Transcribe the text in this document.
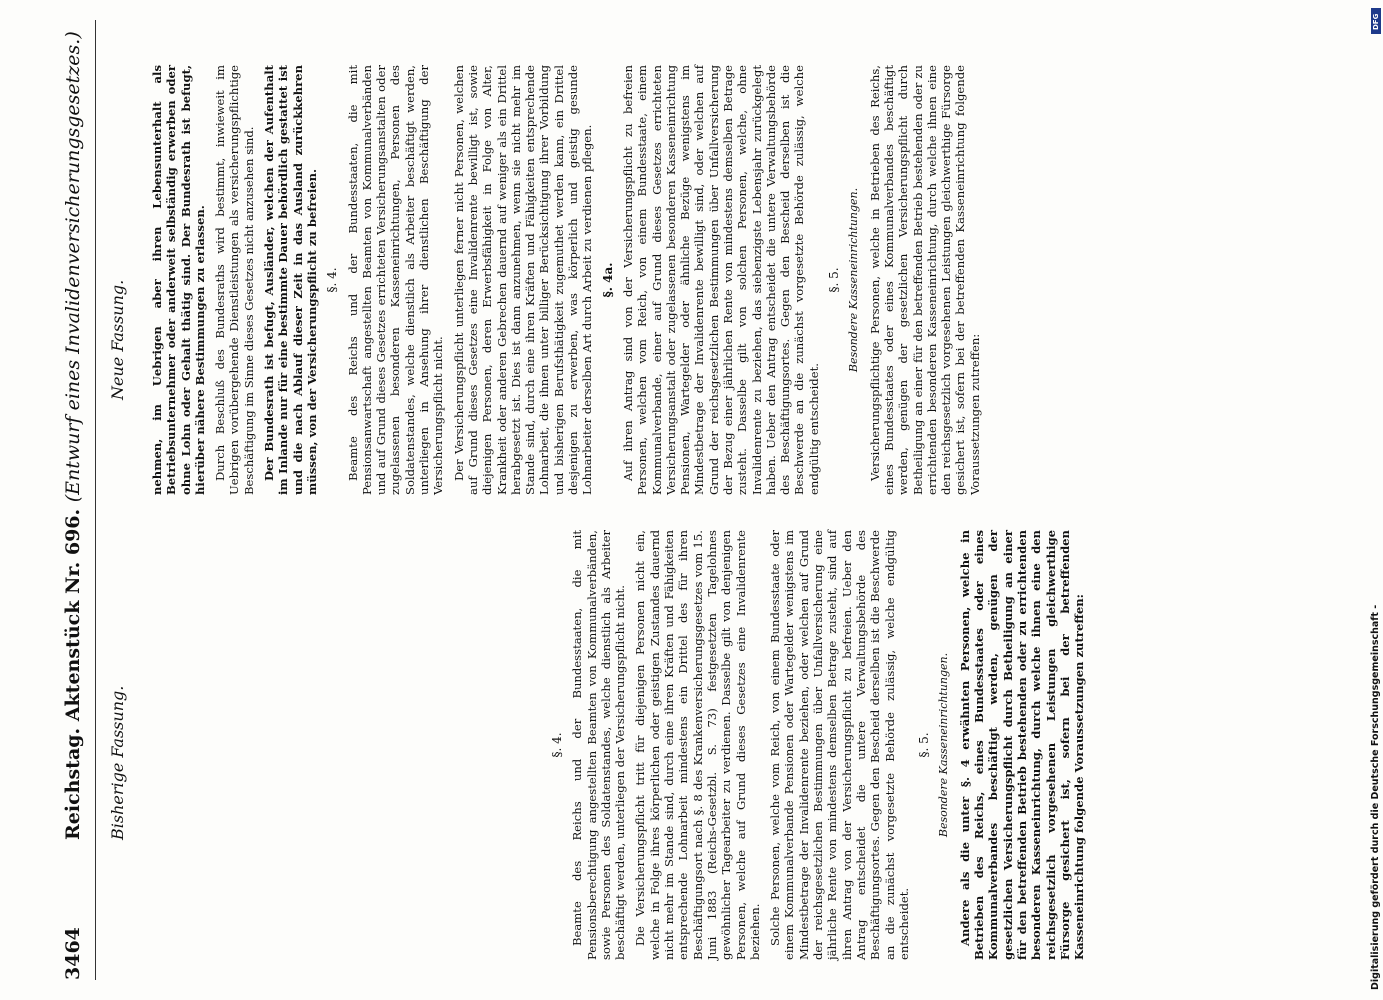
3464
Reichstag. Aktenstück Nr. 696. (Entwurf eines Invalidenversicherungsgesetzes.)
Bisherige Fassung.
Neue Fassung.

§. 4. Beamte des Reichs und der Bundesstaaten, die mit Pensionsberechtigung angestellten Beamten von Kommunalverbänden, sowie Personen des Soldatenstandes, welche dienstlich als Arbeiter beschäftigt werden, unterliegen der Versicherungspflicht nicht. Die Versicherungspflicht tritt für diejenigen Personen nicht ein, welche in Folge ihres körperlichen oder geistigen Zustandes dauernd nicht mehr im Stande sind, durch eine ihren Kräften und Fähigkeiten entsprechende Lohnarbeit mindestens ein Drittel des für ihren Beschäftigungsort nach §. 8 des Krankenversicherungsgesetzes vom 15. Juni 1883 (Reichs-Gesetzbl. S. 73) festgesetzten Tagelohnes gewöhnlicher Tagearbeiter zu verdienen. Dasselbe gilt von denjenigen Personen, welche auf Grund dieses Gesetzes eine Invalidenrente beziehen. Solche Personen, welche vom Reich, von einem Bundesstaate oder einem Kommunalverbande Pensionen oder Wartegelder wenigstens im Mindestbetrage der Invalidenrente beziehen, oder welchen auf Grund der reichsgesetzlichen Bestimmungen über Unfallversicherung eine jährliche Rente von mindestens demselben Betrage zusteht, sind auf ihren Antrag von der Versicherungspflicht zu befreien. Ueber den Antrag entscheidet die untere Verwaltungsbehörde des Beschäftigungsortes. Gegen den Bescheid derselben ist die Beschwerde an die zunächst vorgesetzte Behörde zulässig, welche endgültig entscheidet.

§. 5. Besondere Kasseneinrichtungen. Andere als die unter §. 4 erwähnten Personen, welche in Betrieben des Reichs, eines Bundesstaates oder eines Kommunalverbandes beschäftigt werden, genügen der gesetzlichen Versicherungspflicht durch Betheiligung an einer für den betreffenden Betrieb bestehenden oder zu errichtenden besonderen Kasseneinrichtung, durch welche ihnen eine den reichsgesetzlich vorgesehenen Leistungen gleichwerthige Fürsorge gesichert ist, sofern bei der betreffenden Kasseneinrichtung folgende Voraussetzungen zutreffen:

nehmen, im Uebrigen aber ihren Lebensunterhalt als Betriebsunternehmer oder anderweit selbständig erwerben oder ohne Lohn oder Gehalt thätig sind. Der Bundesrath ist befugt, hierüber nähere Bestimmungen zu erlassen. Durch Beschluß des Bundesraths wird bestimmt, inwieweit im Uebrigen vorübergehende Dienstleistungen als versicherungspflichtige Beschäftigung im Sinne dieses Gesetzes nicht anzusehen sind. Der Bundesrath ist befugt, Ausländer, welchen der Aufenthalt im Inlande nur für eine bestimmte Dauer behördlich gestattet ist und die nach Ablauf dieser Zeit in das Ausland zurückkehren müssen, von der Versicherungspflicht zu befreien. §. 4. Beamte des Reichs und der Bundesstaaten, die mit Pensionsanwartschaft angestellten Beamten von Kommunalverbänden und auf Grund dieses Gesetzes errichteten Versicherungsanstalten oder zugelassenen besonderen Kasseneinrichtungen, Personen des Soldatenstandes, welche dienstlich als Arbeiter beschäftigt werden, unterliegen in Ansehung ihrer dienstlichen Beschäftigung der Versicherungspflicht nicht. Der Versicherungspflicht unterliegen ferner nicht Personen, welchen auf Grund dieses Gesetzes eine Invalidenrente bewilligt ist, sowie diejenigen Personen, deren Erwerbsfähigkeit in Folge von Alter, Krankheit oder anderen Gebrechen dauernd auf weniger als ein Drittel herabgesetzt ist. Dies ist dann anzunehmen, wenn sie nicht mehr im Stande sind, durch eine ihren Kräften und Fähigkeiten entsprechende Lohnarbeit, die ihnen unter billiger Berücksichtigung ihrer Vorbildung und bisherigen Berufsthätigkeit zugemuthet werden kann, ein Drittel desjenigen zu erwerben, was körperlich und geistig gesunde Lohnarbeiter derselben Art durch Arbeit zu verdienen pflegen. §. 4a. Auf ihren Antrag sind von der Versicherungspflicht zu befreien Personen, welchen vom Reich, von einem Bundesstaate, einem Kommunalverbande, einer auf Grund dieses Gesetzes errichteten Versicherungsanstalt oder zugelassenen besonderen Kasseneinrichtung Pensionen, Wartegelder oder ähnliche Bezüge wenigstens im Mindestbetrage der Invalidenrente bewilligt sind, oder welchen auf Grund der reichsgesetzlichen Bestimmungen über Unfallversicherung der Bezug einer jährlichen Rente von mindestens demselben Betrage zusteht. Dasselbe gilt von solchen Personen, welche, ohne Invalidenrente zu beziehen, das siebenzigste Lebensjahr zurückgelegt haben. Ueber den Antrag entscheidet die untere Verwaltungsbehörde des Beschäftigungsortes. Gegen den Bescheid derselben ist die Beschwerde an die zunächst vorgesetzte Behörde zulässig, welche endgültig entscheidet.

§. 5. Besondere Kasseneinrichtungen. Versicherungspflichtige Personen, welche in Betrieben des Reichs, eines Bundesstaates oder eines Kommunalverbandes beschäftigt werden, genügen der gesetzlichen Versicherungspflicht durch Betheiligung an einer für den betreffenden Betrieb bestehenden oder zu errichtenden besonderen Kasseneinrichtung, durch welche ihnen eine den reichsgesetzlich vorgesehenen Leistungen gleichwerthige Fürsorge gesichert ist, sofern bei der betreffenden Kasseneinrichtung folgende Voraussetzungen zutreffen:

Digitalisierung gefördert durch die Deutsche Forschungsgemeinschaft -
DFG
